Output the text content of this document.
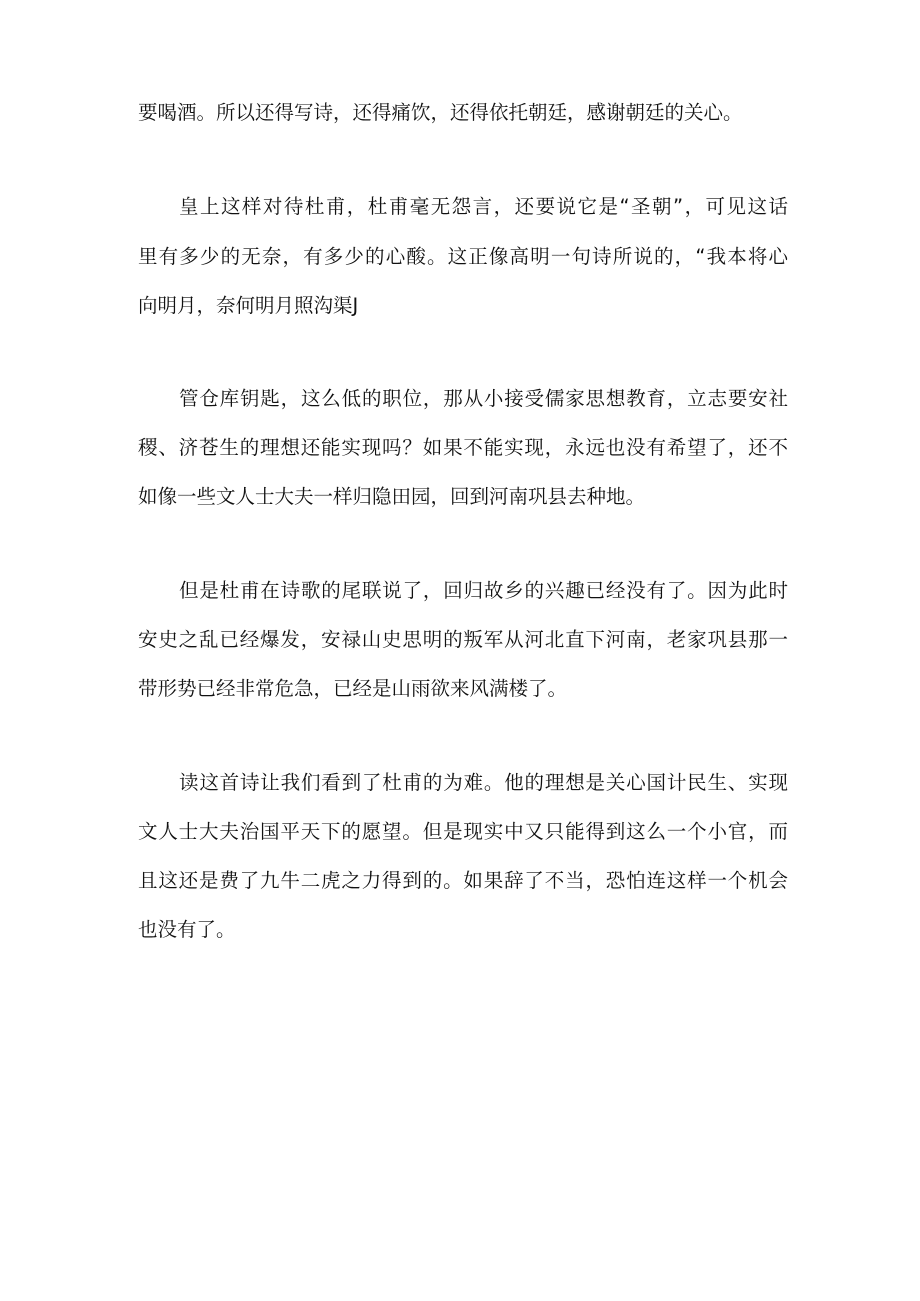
要喝酒。所以还得写诗，还得痛饮，还得依托朝廷，感谢朝廷的关心。
皇上这样对待杜甫，杜甫毫无怨言，还要说它是“圣朝”，可见这话
里有多少的无奈，有多少的心酸。这正像高明一句诗所说的，“我本将心
向明月，奈何明月照沟渠J
管仓库钥匙，这么低的职位，那从小接受儒家思想教育，立志要安社
稷、济苍生的理想还能实现吗？如果不能实现，永远也没有希望了，还不
如像一些文人士大夫一样归隐田园，回到河南巩县去种地。
但是杜甫在诗歌的尾联说了，回归故乡的兴趣已经没有了。因为此时
安史之乱已经爆发，安禄山史思明的叛军从河北直下河南，老家巩县那一
带形势已经非常危急，已经是山雨欲来风满楼了。
读这首诗让我们看到了杜甫的为难。他的理想是关心国计民生、实现
文人士大夫治国平天下的愿望。但是现实中又只能得到这么一个小官，而
且这还是费了九牛二虎之力得到的。如果辞了不当，恐怕连这样一个机会
也没有了。
